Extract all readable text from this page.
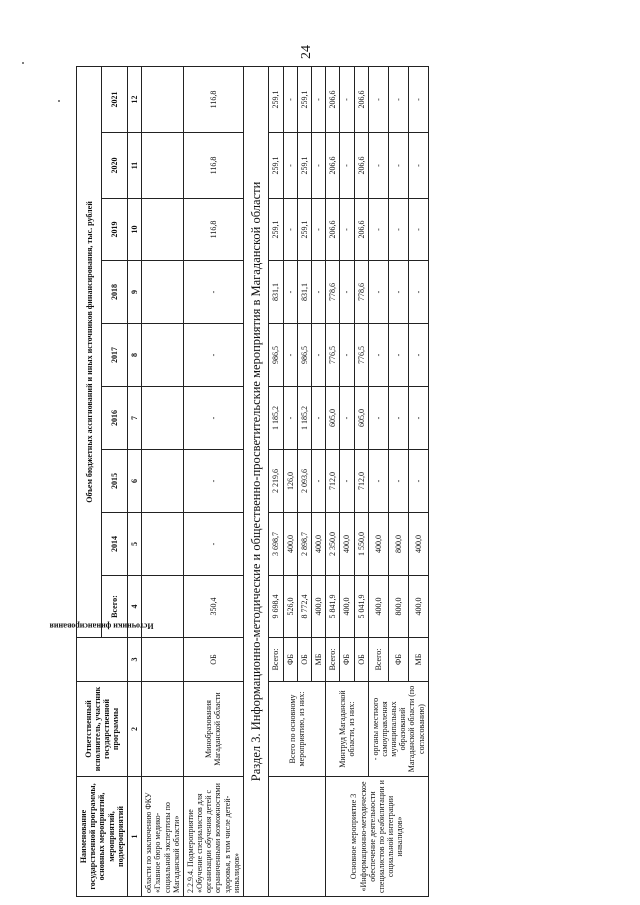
24
Наименование государственной программы, основных мероприятий, мероприятий, подмероприятий	Ответственный исполнитель, участник государственной программы	Источники финансирования	Объем бюджетных ассигнований и иных источников финансирования, тыс. рублей								
			Всего:	2014	2015	2016	2017	2018	2019	2020	2021
1	2	3	4	5	6	7	8	9	10	11	12
области по заключению ФКУ «Главное бюро медико-социальной экспертизы по Магаданской области»											
2.2.9.4. Подмероприятие «Обучение специалистов для организации обучения детей с ограниченными возможностями здоровья, в том числе детей-инвалидов»	Минобразования Магаданской области	ОБ	350,4	-	-	-	-	-	116,8	116,8	116,8
Раздел 3. Информационно-методические и общественно-просветительские мероприятия в Магаданской области											
	Всего по основному мероприятию, из них:	Всего:	9 698,4	3 698,7	2 219,6	1 185,2	986,5	831,1	259,1	259,1	259,1
		ФБ	526,0	400,0	126,0	-	-	-	-	-	-
		ОБ	8 772,4	2 898,7	2 093,6	1 185,2	986,5	831,1	259,1	259,1	259,1
		МБ	400,0	400,0	-	-	-	-	-	-	-
Основное мероприятие 3 «Информационно-методическое обеспечение деятельности специалистов по реабилитации и социальной интеграции инвалидов»	Минтруд Магаданской области, из них:	Всего:	5 841,9	2 350,0	712,0	605,0	776,5	778,6	206,6	206,6	206,6
		ФБ	400,0	400,0	-	-	-	-	-	-	-
		ОБ	5 041,9	1 550,0	712,0	605,0	776,5	778,6	206,6	206,6	206,6
	- органы местного самоуправления муниципальных образований Магаданской области (по согласованию)	Всего:	400,0	400,0	-	-	-	-	-	-	-
		ФБ	800,0	800,0	-	-	-	-	-	-	-
		МБ	400,0	400,0	-	-	-	-	-	-	-
